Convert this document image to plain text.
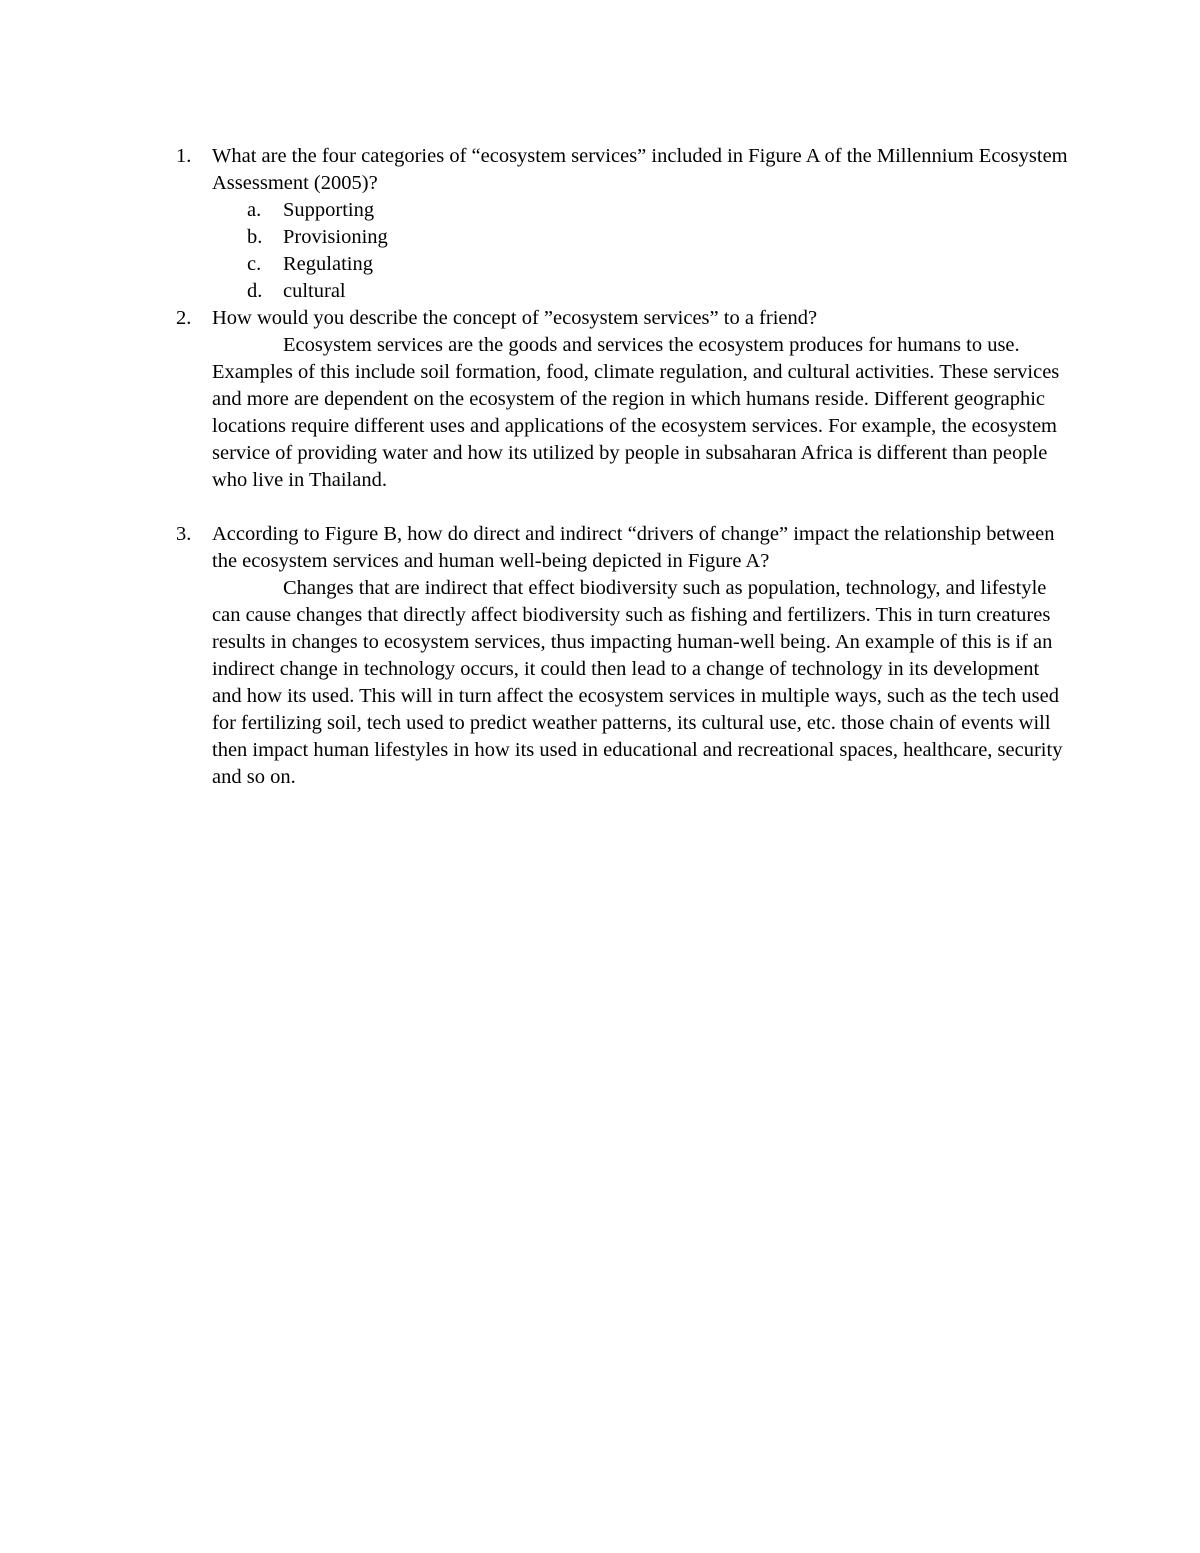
1. What are the four categories of “ecosystem services” included in Figure A of the Millennium Ecosystem Assessment (2005)?
a. Supporting
b. Provisioning
c. Regulating
d. cultural
2. How would you describe the concept of ”ecosystem services” to a friend?

Ecosystem services are the goods and services the ecosystem produces for humans to use. Examples of this include soil formation, food, climate regulation, and cultural activities. These services and more are dependent on the ecosystem of the region in which humans reside. Different geographic locations require different uses and applications of the ecosystem services. For example, the ecosystem service of providing water and how its utilized by people in subsaharan Africa is different than people who live in Thailand.

3. According to Figure B, how do direct and indirect “drivers of change” impact the relationship between the ecosystem services and human well-being depicted in Figure A?

Changes that are indirect that effect biodiversity such as population, technology, and lifestyle can cause changes that directly affect biodiversity such as fishing and fertilizers. This in turn creatures results in changes to ecosystem services, thus impacting human-well being. An example of this is if an indirect change in technology occurs, it could then lead to a change of technology in its development and how its used. This will in turn affect the ecosystem services in multiple ways, such as the tech used for fertilizing soil, tech used to predict weather patterns, its cultural use, etc. those chain of events will then impact human lifestyles in how its used in educational and recreational spaces, healthcare, security and so on.
